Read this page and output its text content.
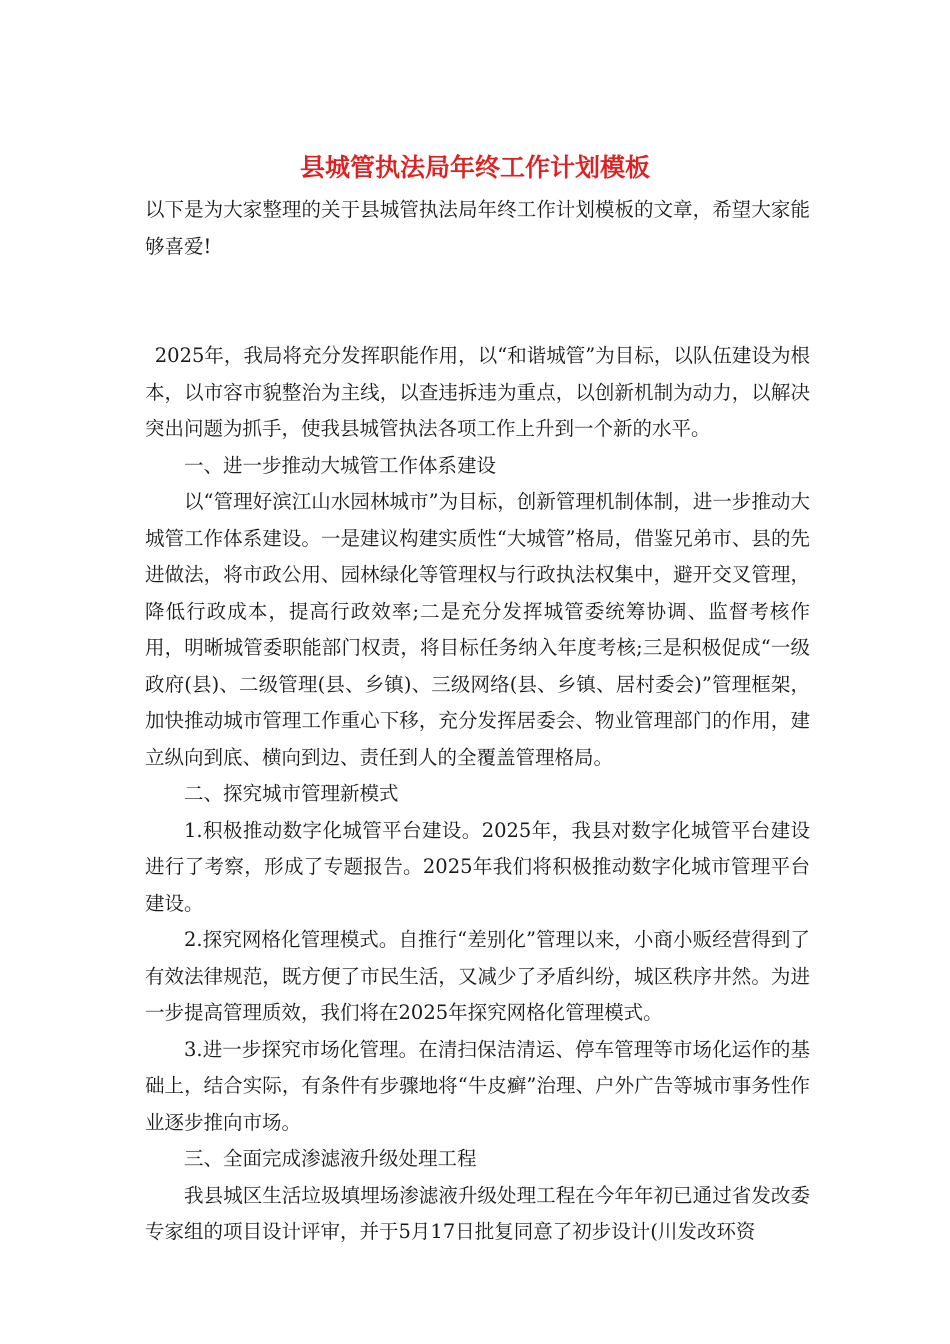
县城管执法局年终工作计划模板

以下是为大家整理的关于县城管执法局年终工作计划模板的文章，希望大家能够喜爱!

2025年，我局将充分发挥职能作用，以“和谐城管”为目标，以队伍建设为根本，以市容市貌整治为主线，以查违拆违为重点，以创新机制为动力，以解决突出问题为抓手，使我县城管执法各项工作上升到一个新的水平。

一、进一步推动大城管工作体系建设

以“管理好滨江山水园林城市”为目标，创新管理机制体制，进一步推动大城管工作体系建设。一是建议构建实质性“大城管”格局，借鉴兄弟市、县的先进做法，将市政公用、园林绿化等管理权与行政执法权集中，避开交叉管理，降低行政成本，提高行政效率;二是充分发挥城管委统筹协调、监督考核作用，明晰城管委职能部门权责，将目标任务纳入年度考核;三是积极促成“一级政府(县)、二级管理(县、乡镇)、三级网络(县、乡镇、居村委会)”管理框架，加快推动城市管理工作重心下移，充分发挥居委会、物业管理部门的作用，建立纵向到底、横向到边、责任到人的全覆盖管理格局。

二、探究城市管理新模式

1.积极推动数字化城管平台建设。2025年，我县对数字化城管平台建设进行了考察，形成了专题报告。2025年我们将积极推动数字化城市管理平台建设。

2.探究网格化管理模式。自推行“差别化”管理以来，小商小贩经营得到了有效法律规范，既方便了市民生活，又减少了矛盾纠纷，城区秩序井然。为进一步提高管理质效，我们将在2025年探究网格化管理模式。

3.进一步探究市场化管理。在清扫保洁清运、停车管理等市场化运作的基础上，结合实际，有条件有步骤地将“牛皮癣”治理、户外广告等城市事务性作业逐步推向市场。

三、全面完成渗滤液升级处理工程

我县城区生活垃圾填埋场渗滤液升级处理工程在今年年初已通过省发改委专家组的项目设计评审，并于5月17日批复同意了初步设计(川发改环资
